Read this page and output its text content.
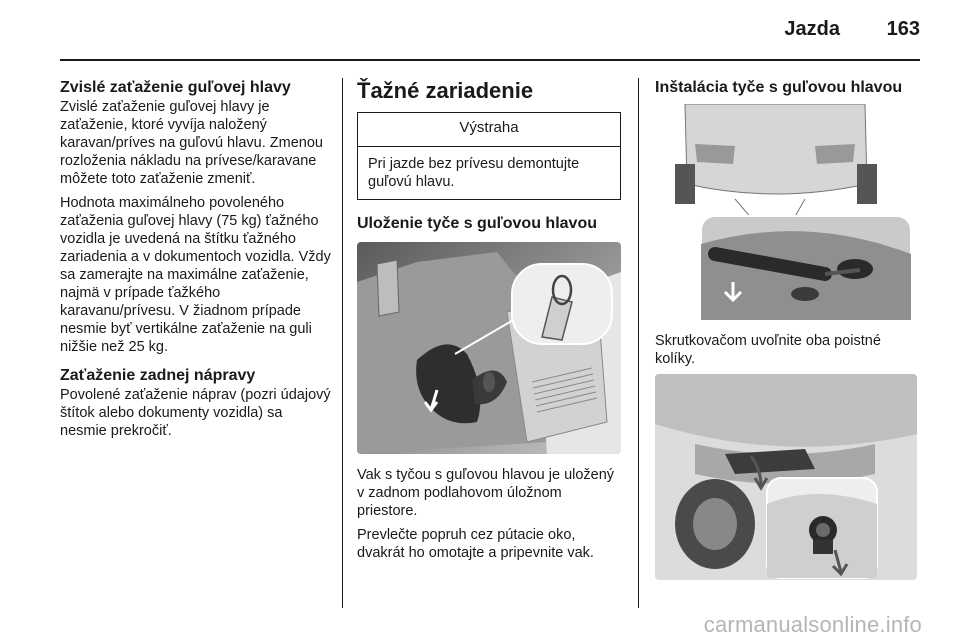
Jazda 163
Zvislé zaťaženie guľovej hlavy

Zvislé zaťaženie guľovej hlavy je zaťaženie, ktoré vyvíja naložený karavan/príves na guľovú hlavu. Zmenou rozloženia nákladu na prívese/karavane môžete toto zaťaženie zmeniť.

Hodnota maximálneho povoleného zaťaženia guľovej hlavy (75 kg) ťažného vozidla je uvedená na štítku ťažného zariadenia a v dokumentoch vozidla. Vždy sa zamerajte na maximálne zaťaženie, najmä v prípade ťažkého karavanu/prívesu. V žiadnom prípade nesmie byť vertikálne zaťaženie na guli nižšie než 25 kg.

Zaťaženie zadnej nápravy

Povolené zaťaženie náprav (pozri údajový štítok alebo dokumenty vozidla) sa nesmie prekročiť.

Ťažné zariadenie
Výstraha
Pri jazde bez prívesu demontujte guľovú hlavu.
Uloženie tyče s guľovou hlavou

Vak s tyčou s guľovou hlavou je uložený v zadnom podlahovom úložnom priestore.

Prevlečte popruh cez pútacie oko, dvakrát ho omotajte a pripevnite vak.

Inštalácia tyče s guľovou hlavou

Skrutkovačom uvoľnite oba poistné kolíky.

carmanualsonline.info
